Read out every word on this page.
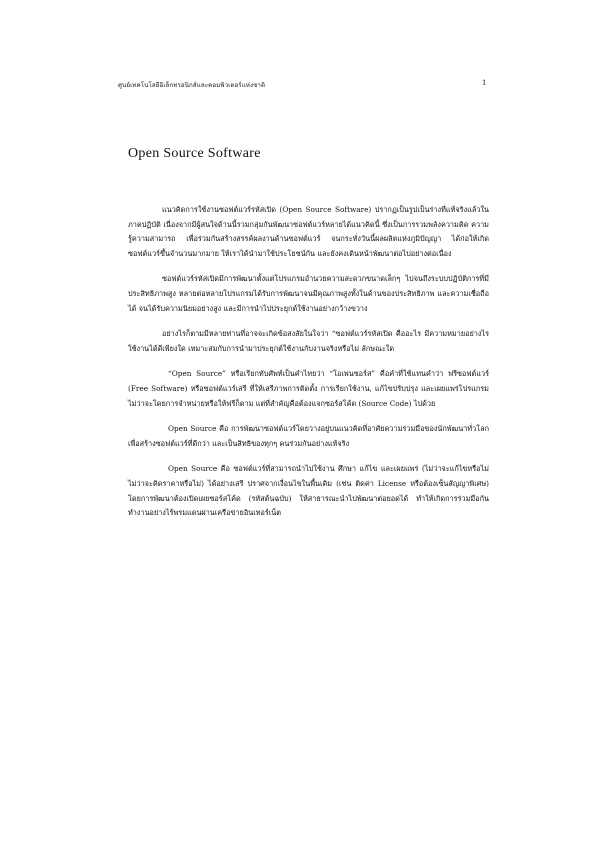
ศูนย์เทคโนโลยีอิเล็กทรอนิกส์และคอมพิวเตอร์แห่งชาติ	1
Open Source Software

แนวคิดการใช้งานซอฟต์แวร์รหัสเปิด (Open Source Software) ปรากฏเป็นรูปเป็นร่างที่แท้จริงแล้วในภาคปฏิบัติ เนื่องจากมีผู้สนใจด้านนี้รวมกลุ่มกันพัฒนาซอฟต์แวร์หลายได้แนวคิดนี้ ซึ่งเป็นการรวมพลังความคิด ความรู้ความสามารถ เพื่อร่วมกันสร้างสรรค์ผลงานด้านซอฟต์แวร์ จนกระทั่งวันนี้ผลผลิตแห่งภูมิปัญญา ได้ก่อให้เกิดซอฟต์แวร์ขึ้นจำนวนมากมาย ให้เราได้นำมาใช้ประโยชน์กัน และยังคงเดินหน้าพัฒนาต่อไปอย่างต่อเนื่อง

ซอฟต์แวร์รหัสเปิดมีการพัฒนาตั้งแต่โปรแกรมอำนวยความสะดวกขนาดเล็กๆ ไปจนถึงระบบปฏิบัติการที่มีประสิทธิภาพสูง หลายต่อหลายโปรแกรมได้รับการพัฒนาจนมีคุณภาพสูงทั้งในด้านของประสิทธิภาพ และความเชื่อถือได้ จนได้รับความนิยมอย่างสูง และมีการนำไปประยุกต์ใช้งานอย่างกว้างขวาง

อย่างไรก็ตามมีหลายท่านที่อาจจะเกิดข้อสงสัยในใจว่า “ซอฟต์แวร์รหัสเปิด คืออะไร มีความหมายอย่างไร ใช้งานได้ดีเพียงใด เหมาะสมกับการนำมาประยุกต์ใช้งานกับงานจริงหรือไม่ ลักษณะใด

“Open Source” หรือเรียกทับศัพท์เป็นคำไทยว่า “โอเพ่นซอร์ส” คือคำที่ใช้แทนคำว่า ฟรีซอฟต์แวร์ (Free Software) หรือซอฟต์แวร์เสรี ที่ให้เสรีภาพการติดตั้ง การเรียกใช้งาน, แก้ไขปรับปรุง และเผยแพร่โปรแกรม ไม่ว่าจะโดยการจำหน่ายหรือให้ฟรีก็ตาม แต่ที่สำคัญคือต้องแจกซอร์สโค้ด (Source Code) ไปด้วย

Open Source คือ การพัฒนาซอฟต์แวร์โดยวางอยู่บนแนวคิดที่อาศัยความร่วมมือของนักพัฒนาทั่วโลก เพื่อสร้างซอฟต์แวร์ที่ดีกว่า และเป็นสิทธิของทุกๆ คนร่วมกันอย่างแท้จริง

Open Source คือ ซอฟต์แวร์ที่สามารถนำไปใช้งาน ศึกษา แก้ไข และเผยแพร่ (ไม่ว่าจะแก้ไขหรือไม่ ไม่ว่าจะคิดราคาหรือไม่) ได้อย่างเสรี ปราศจากเงื่อนไขในพื้นเดิม (เช่น ติดค่า License หรือต้องเซ็นสัญญาพิเศษ) โดยการพัฒนาต้องเปิดเผยซอร์สโค้ด (รหัสต้นฉบับ) ให้สาธารณะนำไปพัฒนาต่อยอดได้ ทำให้เกิดการร่วมมือกันทำงานอย่างไร้พรมแดนผ่านเครือข่ายอินเทอร์เน็ต
